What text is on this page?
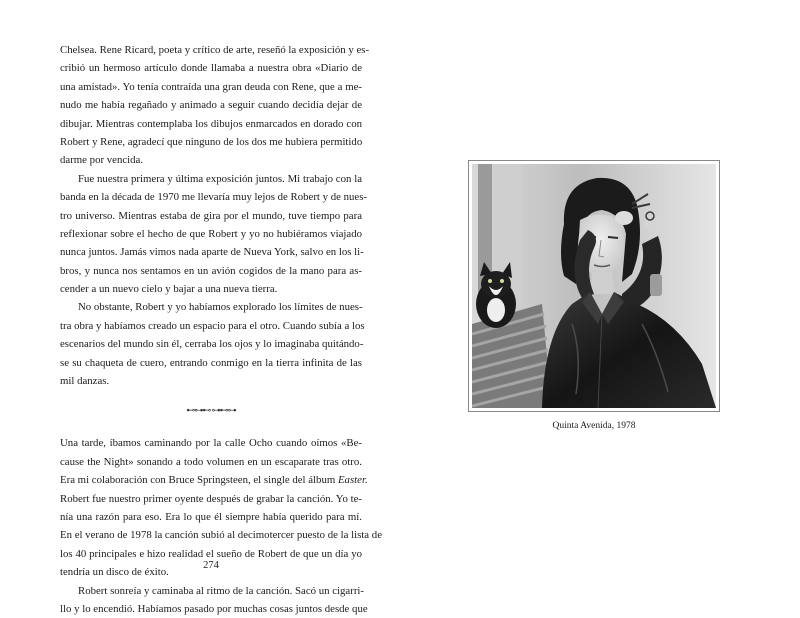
Chelsea. Rene Ricard, poeta y crítico de arte, reseñó la exposición y es-
cribió un hermoso artículo donde llamaba a nuestra obra «Diario de
una amistad». Yo tenía contraída una gran deuda con Rene, que a me-
nudo me había regañado y animado a seguir cuando decidía dejar de
dibujar. Mientras contemplaba los dibujos enmarcados en dorado con
Robert y Rene, agradecí que ninguno de los dos me hubiera permitido
darme por vencida.
Fue nuestra primera y última exposición juntos. Mi trabajo con la
banda en la década de 1970 me llevaría muy lejos de Robert y de nues-
tro universo. Mientras estaba de gira por el mundo, tuve tiempo para
reflexionar sobre el hecho de que Robert y yo no hubiéramos viajado
nunca juntos. Jamás vimos nada aparte de Nueva York, salvo en los li-
bros, y nunca nos sentamos en un avión cogidos de la mano para as-
cender a un nuevo cielo y bajar a una nueva tierra.
No obstante, Robert y yo habíamos explorado los límites de nues-
tra obra y habíamos creado un espacio para el otro. Cuando subía a los
escenarios del mundo sin él, cerraba los ojos y lo imaginaba quitándo-
se su chaqueta de cuero, entrando conmigo en la tierra infinita de las
mil danzas.
⊷⊶⊷ ⊶⊷⊶
Una tarde, íbamos caminando por la calle Ocho cuando oímos «Be-
cause the Night» sonando a todo volumen en un escaparate tras otro.
Era mi colaboración con Bruce Springsteen, el single del álbum Easter.
Robert fue nuestro primer oyente después de grabar la canción. Yo te-
nía una razón para eso. Era lo que él siempre había querido para mí.
En el verano de 1978 la canción subió al decimotercer puesto de la lista de
los 40 principales e hizo realidad el sueño de Robert de que un día yo
tendría un disco de éxito.
Robert sonreía y caminaba al ritmo de la canción. Sacó un cigarri-
llo y lo encendió. Habíamos pasado por muchas cosas juntos desde que
274
Quinta Avenida, 1978
